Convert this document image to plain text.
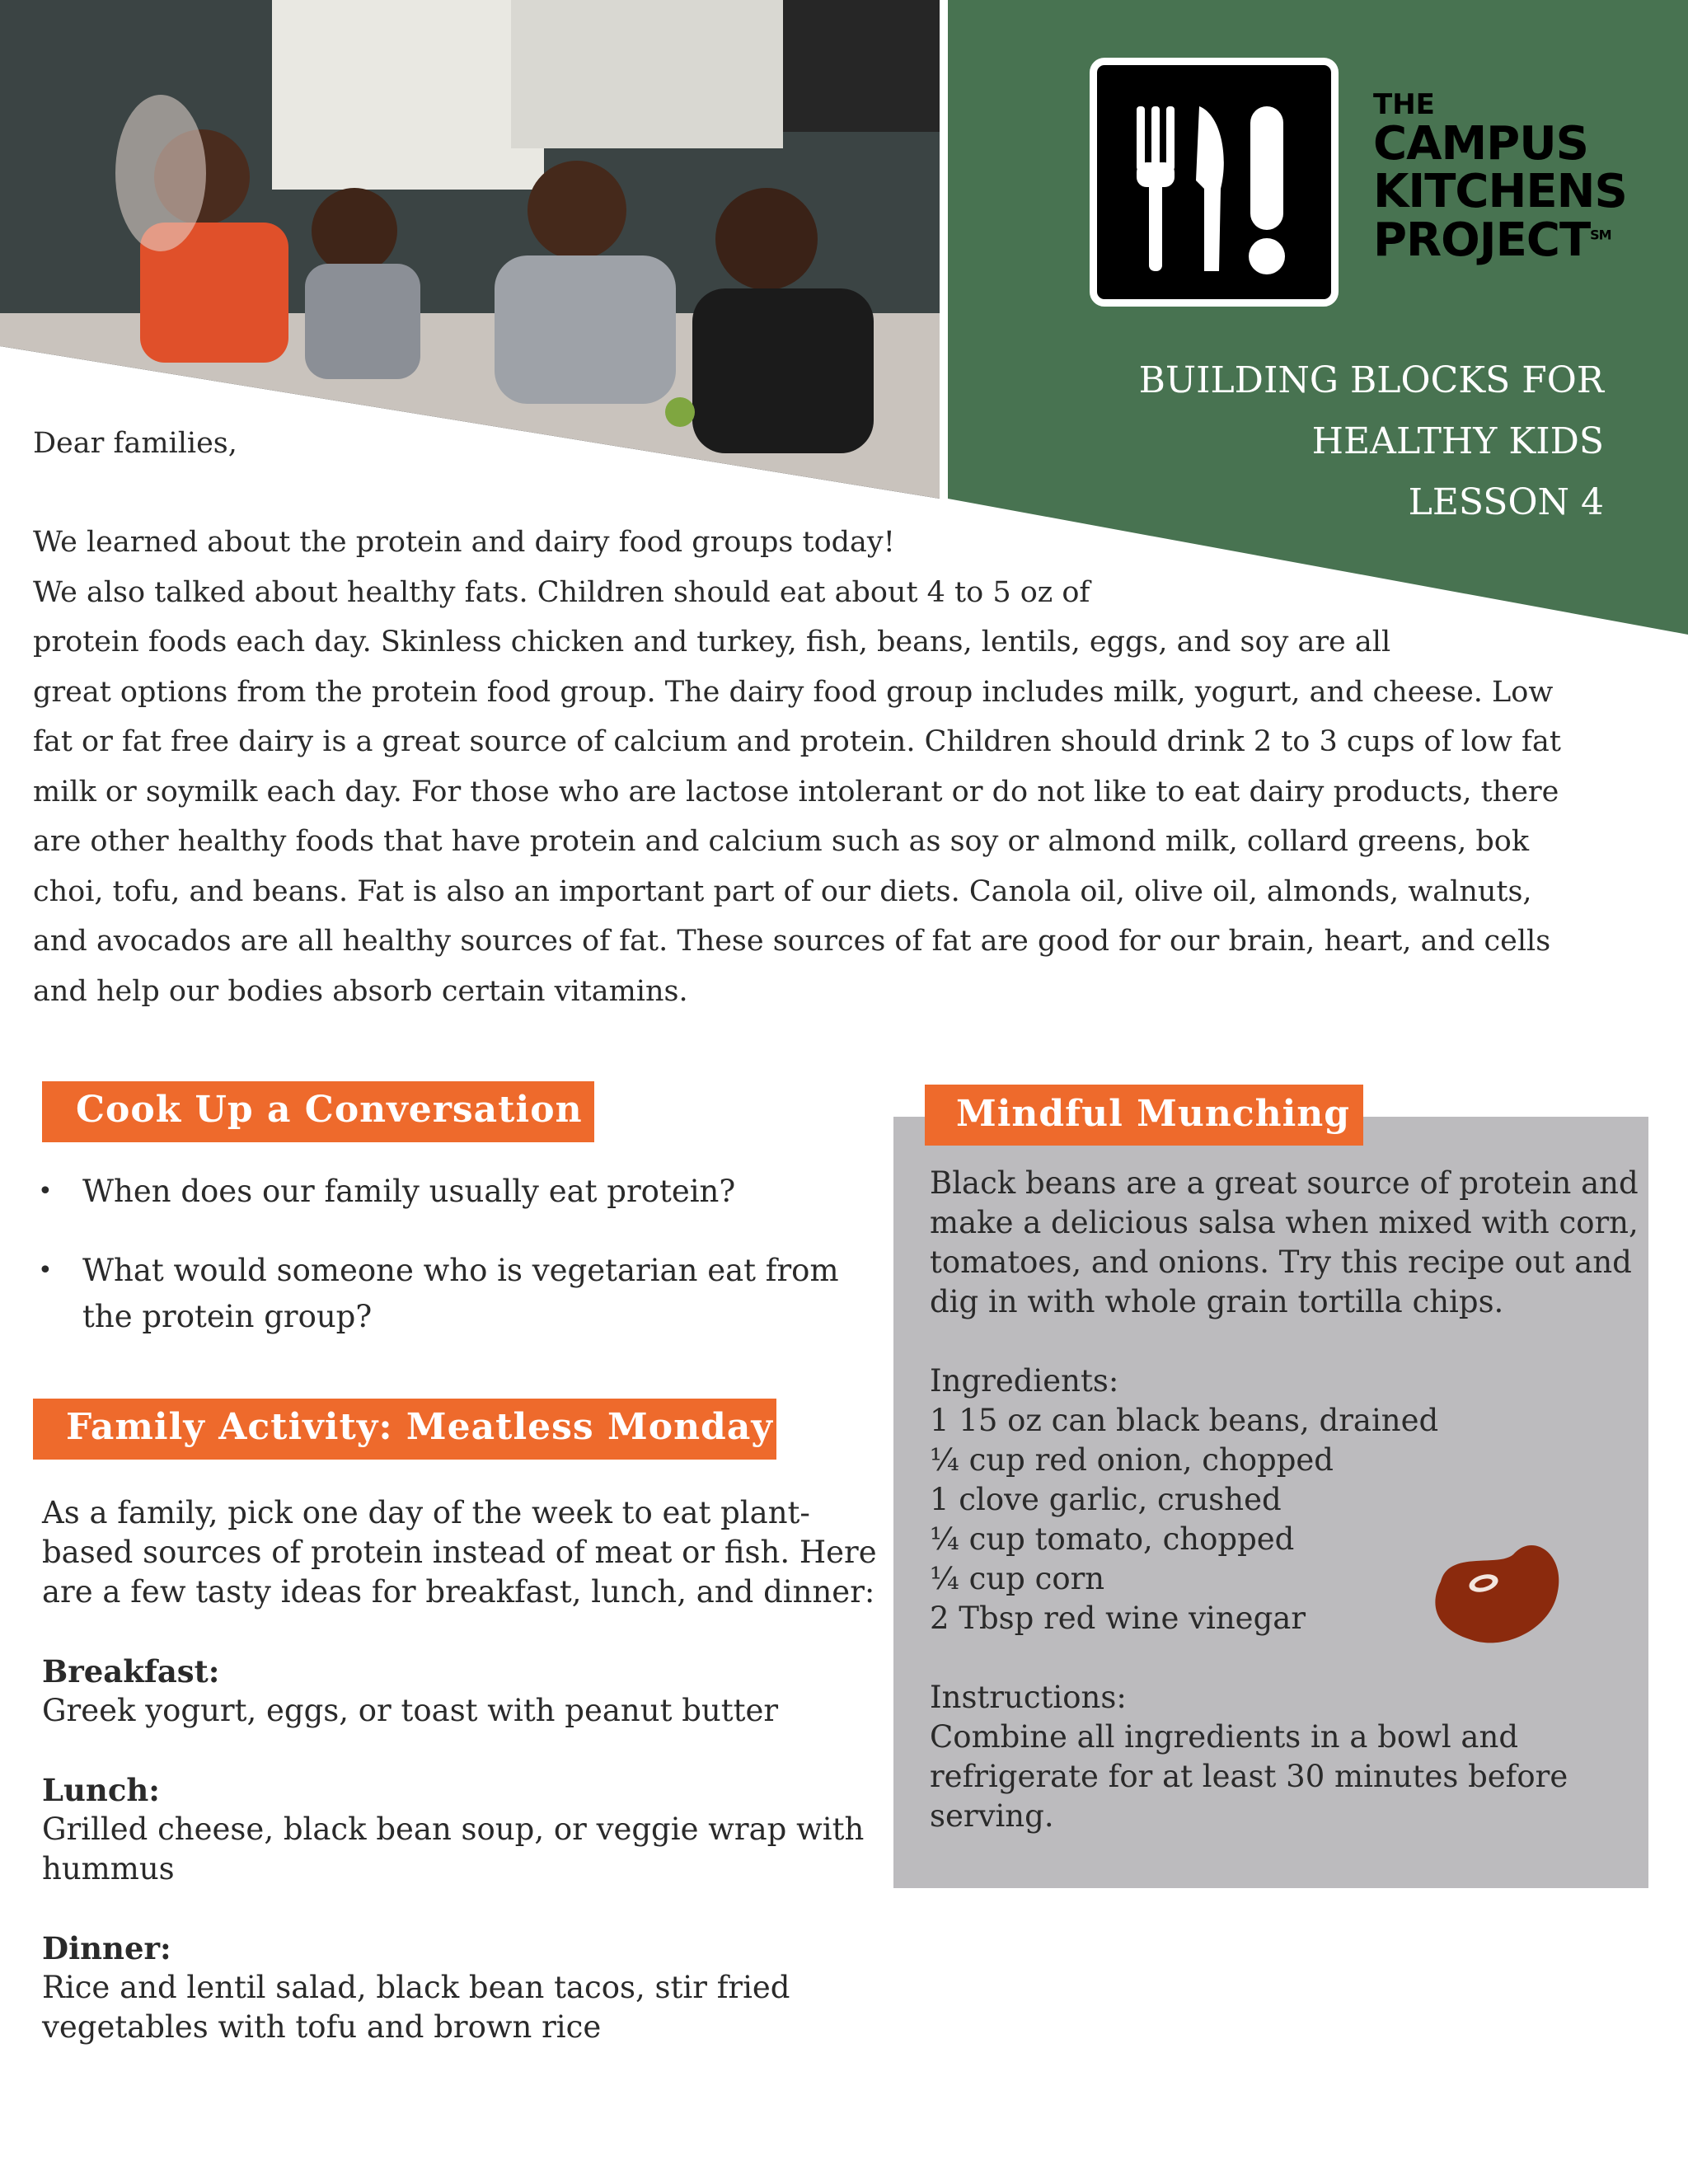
THE
CAMPUS
KITCHENS
PROJECT℠
BUILDING BLOCKS FOR
HEALTHY KIDS
LESSON 4
Dear families,
We learned about the protein and dairy food groups today!
We also talked about healthy fats. Children should eat about 4 to 5 oz of
protein foods each day. Skinless chicken and turkey, fish, beans, lentils, eggs, and soy are all
great options from the protein food group. The dairy food group includes milk, yogurt, and cheese. Low
fat or fat free dairy is a great source of calcium and protein. Children should drink 2 to 3 cups of low fat
milk or soymilk each day. For those who are lactose intolerant or do not like to eat dairy products, there
are other healthy foods that have protein and calcium such as soy or almond milk, collard greens, bok
choi, tofu, and beans. Fat is also an important part of our diets. Canola oil, olive oil, almonds, walnuts,
and avocados are all healthy sources of fat. These sources of fat are good for our brain, heart, and cells
and help our bodies absorb certain vitamins.
Cook Up a Conversation
• When does our family usually eat protein?
• What would someone who is vegetarian eat from the protein group?
Family Activity: Meatless Monday!

As a family, pick one day of the week to eat plant-based sources of protein instead of meat or fish. Here are a few tasty ideas for breakfast, lunch, and dinner:

Breakfast:
Greek yogurt, eggs, or toast with peanut butter

Lunch:
Grilled cheese, black bean soup, or veggie wrap with hummus

Dinner:
Rice and lentil salad, black bean tacos, stir fried vegetables with tofu and brown rice

Mindful Munching

Black beans are a great source of protein and
make a delicious salsa when mixed with corn,
tomatoes, and onions. Try this recipe out and
dig in with whole grain tortilla chips.

Ingredients:
1 15 oz can black beans, drained
¼ cup red onion, chopped
1 clove garlic, crushed
¼ cup tomato, chopped
¼ cup corn
2 Tbsp red wine vinegar

Instructions:
Combine all ingredients in a bowl and
refrigerate for at least 30 minutes before
serving.
